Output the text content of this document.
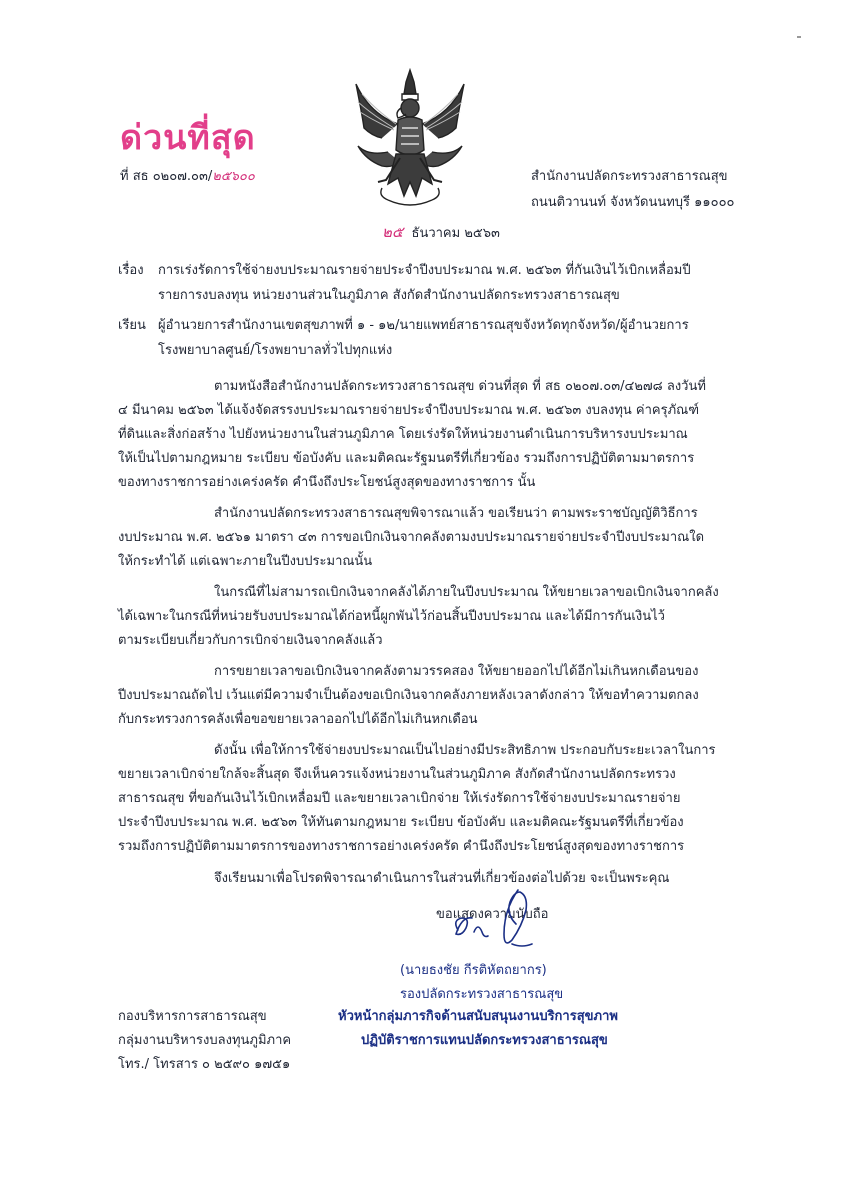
ด่วนที่สุด
ที่ สธ ๐๒๐๗.๐๓/๒๕๖๐๐	สำนักงานปลัดกระทรวงสาธารณสุข
ถนนติวานนท์ จังหวัดนนทบุรี ๑๑๐๐๐
๒๕ ธันวาคม ๒๕๖๓
เรื่อง การเร่งรัดการใช้จ่ายงบประมาณรายจ่ายประจำปีงบประมาณ พ.ศ. ๒๕๖๓ ที่กันเงินไว้เบิกเหลื่อมปี
รายการงบลงทุน หน่วยงานส่วนในภูมิภาค สังกัดสำนักงานปลัดกระทรวงสาธารณสุข
เรียน ผู้อำนวยการสำนักงานเขตสุขภาพที่ ๑ - ๑๒/นายแพทย์สาธารณสุขจังหวัดทุกจังหวัด/ผู้อำนวยการ
โรงพยาบาลศูนย์/โรงพยาบาลทั่วไปทุกแห่ง
ตามหนังสือสำนักงานปลัดกระทรวงสาธารณสุข ด่วนที่สุด ที่ สธ ๐๒๐๗.๐๓/๔๒๗๘ ลงวันที่
๔ มีนาคม ๒๕๖๓ ได้แจ้งจัดสรรงบประมาณรายจ่ายประจำปีงบประมาณ พ.ศ. ๒๕๖๓ งบลงทุน ค่าครุภัณฑ์
ที่ดินและสิ่งก่อสร้าง ไปยังหน่วยงานในส่วนภูมิภาค โดยเร่งรัดให้หน่วยงานดำเนินการบริหารงบประมาณ
ให้เป็นไปตามกฎหมาย ระเบียบ ข้อบังคับ และมติคณะรัฐมนตรีที่เกี่ยวข้อง รวมถึงการปฏิบัติตามมาตรการ
ของทางราชการอย่างเคร่งครัด คำนึงถึงประโยชน์สูงสุดของทางราชการ นั้น
สำนักงานปลัดกระทรวงสาธารณสุขพิจารณาแล้ว ขอเรียนว่า ตามพระราชบัญญัติวิธีการ
งบประมาณ พ.ศ. ๒๕๖๑ มาตรา ๔๓ การขอเบิกเงินจากคลังตามงบประมาณรายจ่ายประจำปีงบประมาณใด
ให้กระทำได้ แต่เฉพาะภายในปีงบประมาณนั้น
ในกรณีที่ไม่สามารถเบิกเงินจากคลังได้ภายในปีงบประมาณ ให้ขยายเวลาขอเบิกเงินจากคลัง
ได้เฉพาะในกรณีที่หน่วยรับงบประมาณได้ก่อหนี้ผูกพันไว้ก่อนสิ้นปีงบประมาณ และได้มีการกันเงินไว้
ตามระเบียบเกี่ยวกับการเบิกจ่ายเงินจากคลังแล้ว
การขยายเวลาขอเบิกเงินจากคลังตามวรรคสอง ให้ขยายออกไปได้อีกไม่เกินหกเดือนของ
ปีงบประมาณถัดไป เว้นแต่มีความจำเป็นต้องขอเบิกเงินจากคลังภายหลังเวลาดังกล่าว ให้ขอทำความตกลง
กับกระทรวงการคลังเพื่อขอขยายเวลาออกไปได้อีกไม่เกินหกเดือน
ดังนั้น เพื่อให้การใช้จ่ายงบประมาณเป็นไปอย่างมีประสิทธิภาพ ประกอบกับระยะเวลาในการ
ขยายเวลาเบิกจ่ายใกล้จะสิ้นสุด จึงเห็นควรแจ้งหน่วยงานในส่วนภูมิภาค สังกัดสำนักงานปลัดกระทรวง
สาธารณสุข ที่ขอกันเงินไว้เบิกเหลื่อมปี และขยายเวลาเบิกจ่าย ให้เร่งรัดการใช้จ่ายงบประมาณรายจ่าย
ประจำปีงบประมาณ พ.ศ. ๒๕๖๓ ให้ทันตามกฎหมาย ระเบียบ ข้อบังคับ และมติคณะรัฐมนตรีที่เกี่ยวข้อง
รวมถึงการปฏิบัติตามมาตรการของทางราชการอย่างเคร่งครัด คำนึงถึงประโยชน์สูงสุดของทางราชการ
จึงเรียนมาเพื่อโปรดพิจารณาดำเนินการในส่วนที่เกี่ยวข้องต่อไปด้วย จะเป็นพระคุณ
ขอแสดงความนับถือ
(นายธงชัย กีรติหัตถยากร)
รองปลัดกระทรวงสาธารณสุข
หัวหน้ากลุ่มภารกิจด้านสนับสนุนงานบริการสุขภาพ
ปฏิบัติราชการแทนปลัดกระทรวงสาธารณสุข
กองบริหารการสาธารณสุข
กลุ่มงานบริหารงบลงทุนภูมิภาค
โทร./ โทรสาร ๐ ๒๕๙๐ ๑๗๕๑
